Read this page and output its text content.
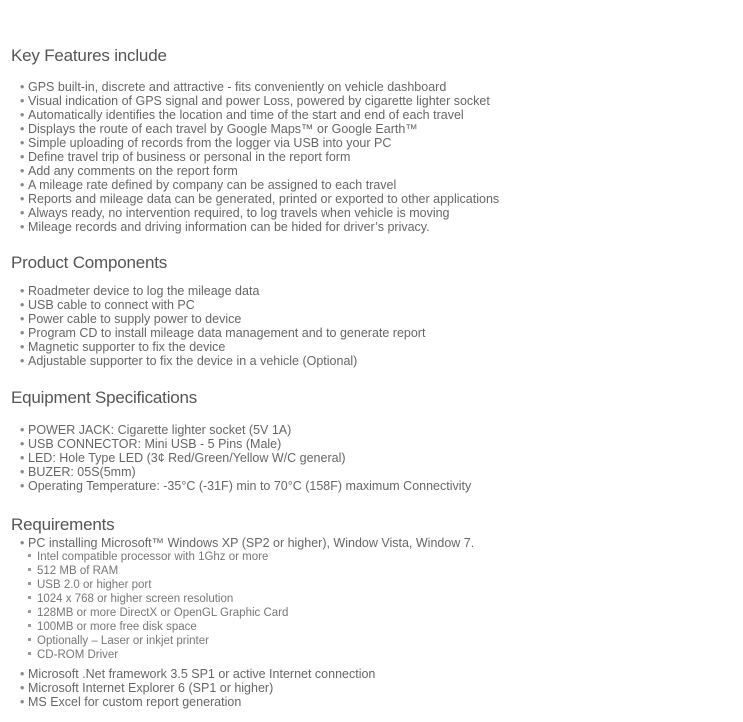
Key Features include
• GPS built-in, discrete and attractive - fits conveniently on vehicle dashboard
• Visual indication of GPS signal and power Loss, powered by cigarette lighter socket
• Automatically identifies the location and time of the start and end of each travel
• Displays the route of each travel by Google Maps™ or Google Earth™
• Simple uploading of records from the logger via USB into your PC
• Define travel trip of business or personal in the report form
• Add any comments on the report form
• A mileage rate defined by company can be assigned to each travel
• Reports and mileage data can be generated, printed or exported to other applications
• Always ready, no intervention required, to log travels when vehicle is moving
• Mileage records and driving information can be hided for driver’s privacy.
Product Components
• Roadmeter device to log the mileage data
• USB cable to connect with PC
• Power cable to supply power to device
• Program CD to install mileage data management and to generate report
• Magnetic supporter to fix the device
• Adjustable supporter to fix the device in a vehicle (Optional)
Equipment Specifications
• POWER JACK: Cigarette lighter socket (5V 1A)
• USB CONNECTOR: Mini USB - 5 Pins (Male)
• LED: Hole Type LED (3¢ Red/Green/Yellow W/C general)
• BUZER: 05S(5mm)
• Operating Temperature: -35°C (-31F) min to 70°C (158F) maximum Connectivity
Requirements
• PC installing Microsoft™ Windows XP (SP2 or higher), Window Vista, Window 7.
Intel compatible processor with 1Ghz or more
512 MB of RAM
USB 2.0 or higher port
1024 x 768 or higher screen resolution
128MB or more DirectX or OpenGL Graphic Card
100MB or more free disk space
Optionally – Laser or inkjet printer
CD-ROM Driver
• Microsoft .Net framework 3.5 SP1 or active Internet connection
• Microsoft Internet Explorer 6 (SP1 or higher)
• MS Excel for custom report generation
